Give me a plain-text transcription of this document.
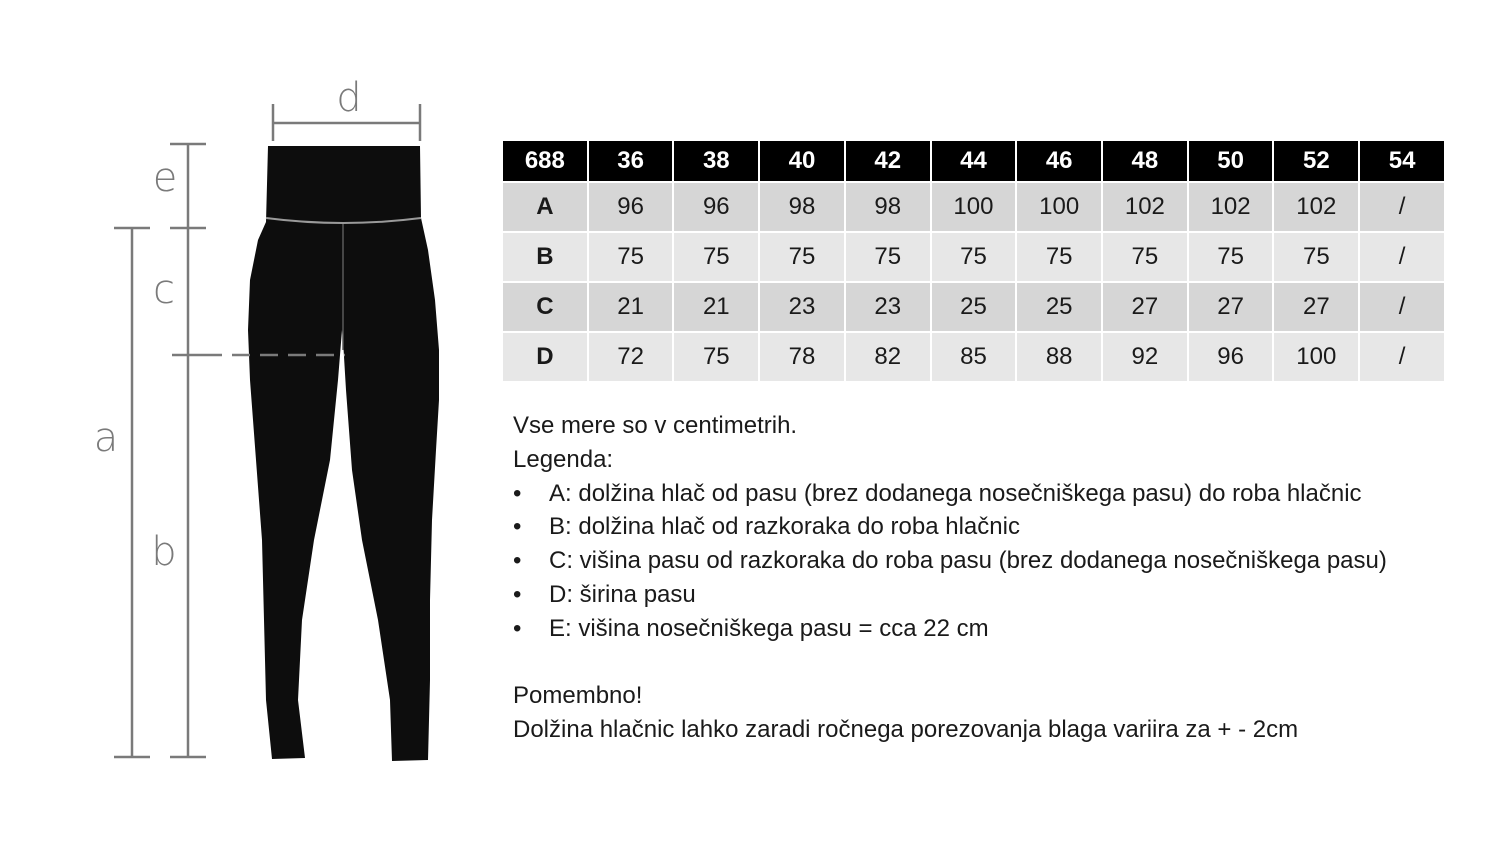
d
e
c
a
b
688	36	38	40	42	44	46	48	50	52	54
A	96	96	98	98	100	100	102	102	102	/
B	75	75	75	75	75	75	75	75	75	/
C	21	21	23	23	25	25	27	27	27	/
D	72	75	78	82	85	88	92	96	100	/

Vse mere so v centimetrih.

Legenda:

• A: dolžina hlač od pasu (brez dodanega nosečniškega pasu) do roba hlačnic
• B: dolžina hlač od razkoraka do roba hlačnic
• C: višina pasu od razkoraka do roba pasu (brez dodanega nosečniškega pasu)
• D: širina pasu
• E: višina nosečniškega pasu = cca 22 cm

Pomembno!

Dolžina hlačnic lahko zaradi ročnega porezovanja blaga variira za + - 2cm
